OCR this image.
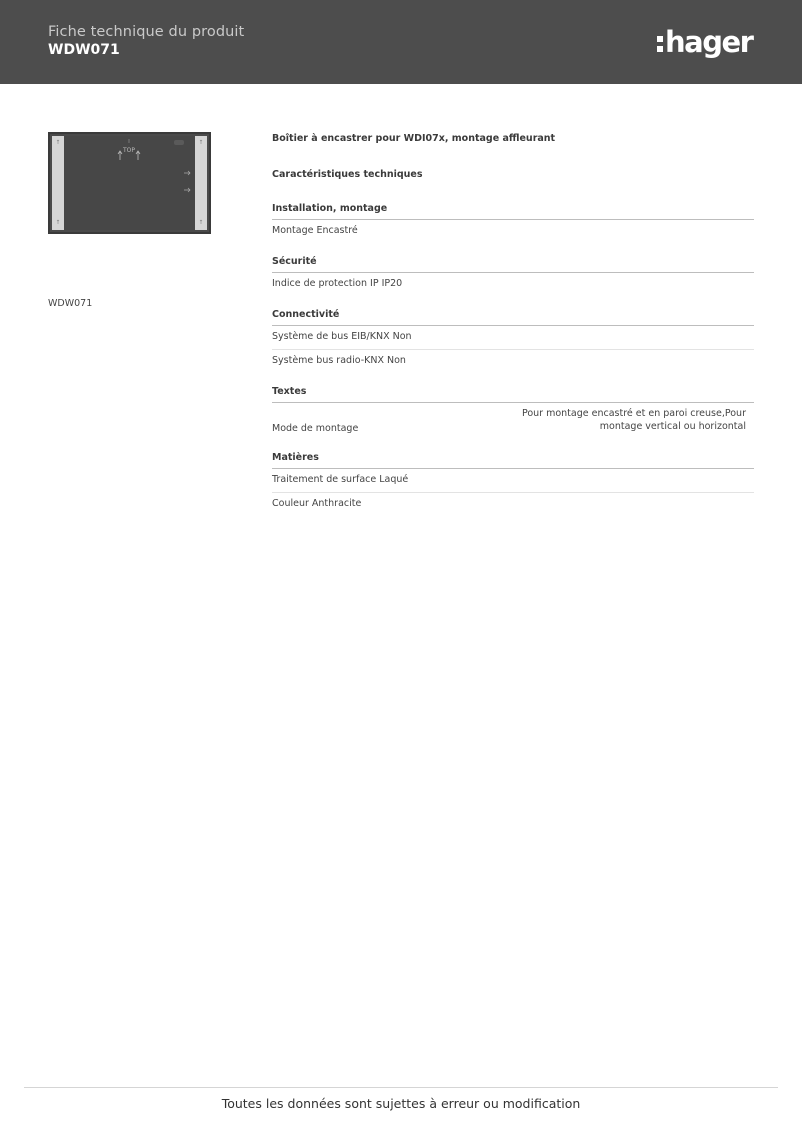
Fiche technique du produit
WDW071	hager
TOP
WDW071
Boîtier à encastrer pour WDI07x, montage affleurant
Caractéristiques techniques
Installation, montage
Montage Encastré
Sécurité
Indice de protection IP IP20
Connectivité
Système de bus EIB/KNX Non
Système bus radio-KNX Non
Textes
Mode de montage
Pour montage encastré et en paroi creuse,Pour montage vertical ou horizontal
Matières
Traitement de surface Laqué
Couleur Anthracite
Toutes les données sont sujettes à erreur ou modification
